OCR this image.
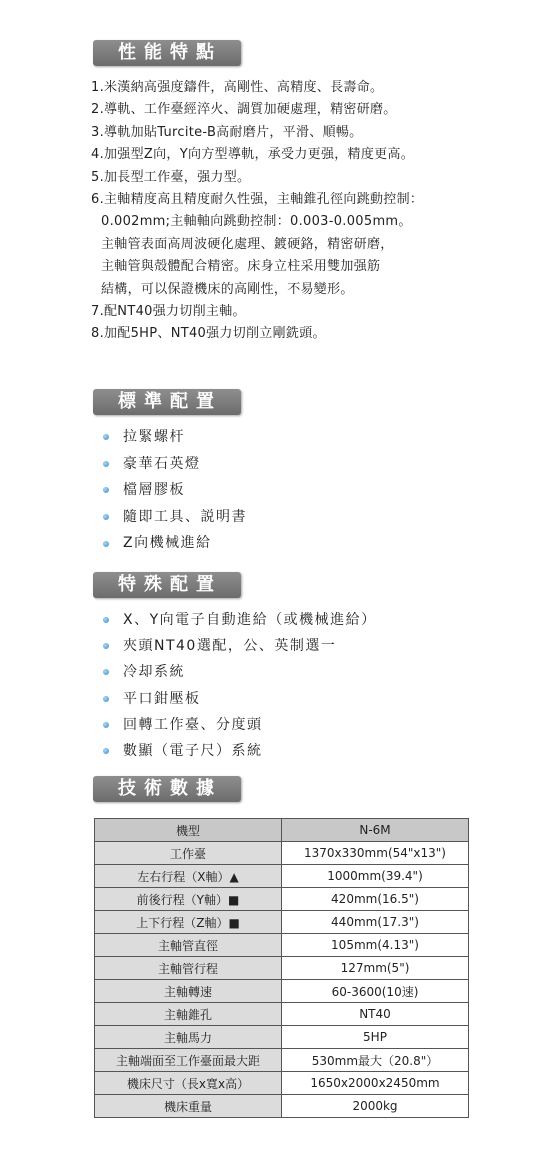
性能特點
1.米漢納高强度鑄件，高剛性、高精度、長壽命。
2.導軌、工作臺經淬火、調質加硬處理，精密研磨。
3.導軌加貼Turcite-B高耐磨片，平滑、順暢。
4.加强型Z向，Y向方型導軌，承受力更强，精度更高。
5.加長型工作臺，强力型。
6.主軸精度高且精度耐久性强，主軸錐孔徑向跳動控制：
0.002mm;主軸軸向跳動控制：0.003-0.005mm。
主軸管表面高周波硬化處理、鍍硬鉻，精密研磨，
主軸管與殻體配合精密。床身立柱采用雙加强筋
結構，可以保證機床的高剛性，不易變形。
7.配NT40强力切削主軸。
8.加配5HP、NT40强力切削立剛銑頭。
標準配置
拉緊螺杆
豪華石英燈
檔層膠板
隨即工具、説明書
Z向機械進給
特殊配置
X、Y向電子自動進給（或機械進給）
夾頭NT40選配，公、英制選一
冷却系統
平口鉗壓板
回轉工作臺、分度頭
數顯（電子尺）系統
技術數據
機型	N-6M
工作臺	1370x330mm(54"x13")
左右行程（X軸）▲	1000mm(39.4")
前後行程（Y軸）■	420mm(16.5")
上下行程（Z軸）■	440mm(17.3")
主軸管直徑	105mm(4.13")
主軸管行程	127mm(5")
主軸轉速	60-3600(10速)
主軸錐孔	NT40
主軸馬力	5HP
主軸端面至工作臺面最大距	530mm最大（20.8"）
機床尺寸（長x寬x高）	1650x2000x2450mm
機床重量	2000kg
